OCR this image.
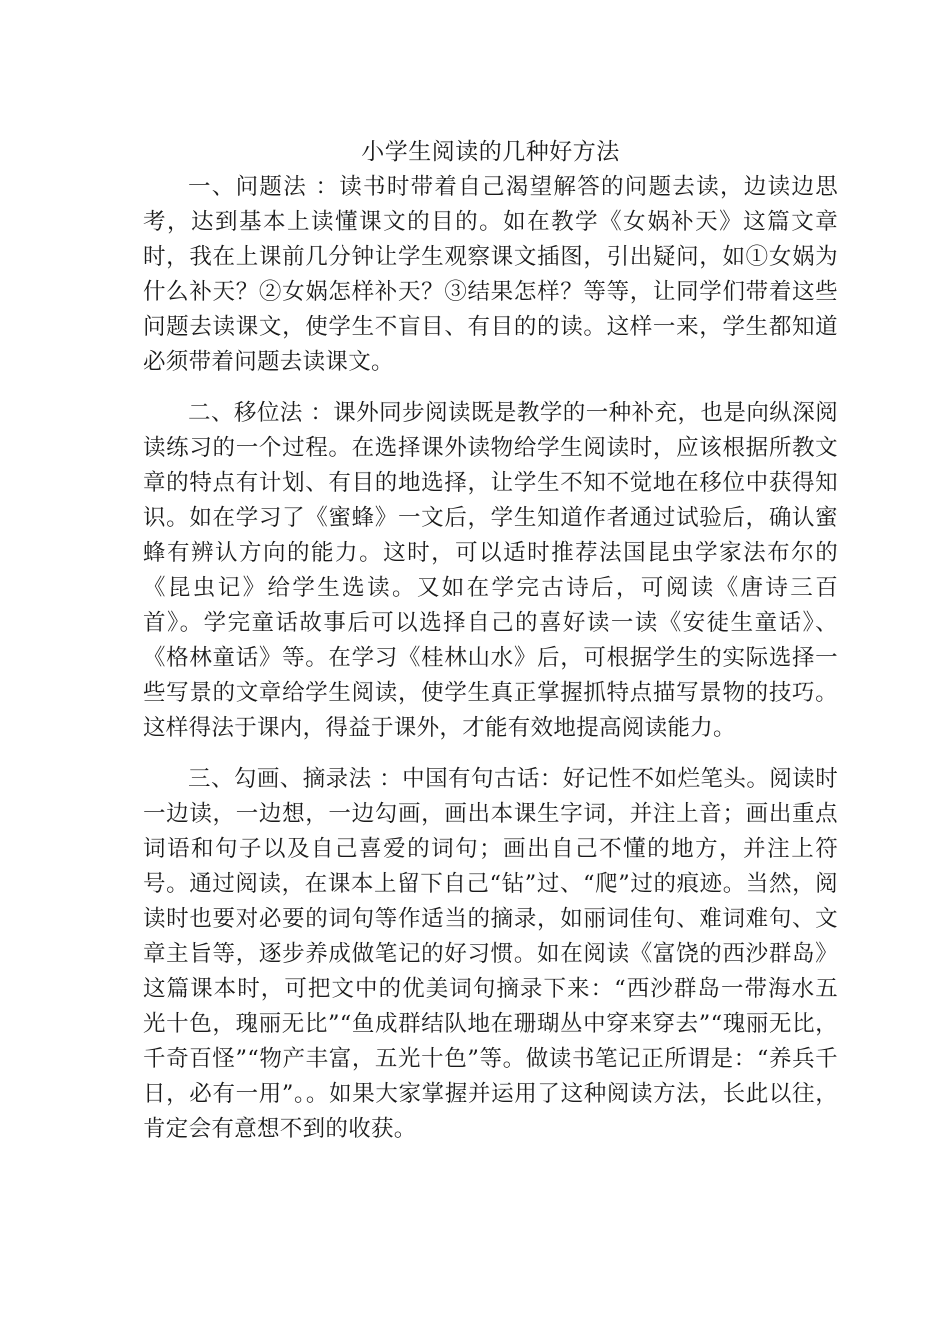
小学生阅读的几种好方法

一、问题法 ：读书时带着自己渴望解答的问题去读，边读边思考，达到基本上读懂课文的目的。如在教学《女娲补天》这篇文章时，我在上课前几分钟让学生观察课文插图，引出疑问，如①女娲为什么补天？②女娲怎样补天？③结果怎样？等等，让同学们带着这些问题去读课文，使学生不盲目、有目的的读。这样一来，学生都知道必须带着问题去读课文。

二、移位法 ：课外同步阅读既是教学的一种补充，也是向纵深阅读练习的一个过程。在选择课外读物给学生阅读时，应该根据所教文章的特点有计划、有目的地选择，让学生不知不觉地在移位中获得知识。如在学习了《蜜蜂》一文后，学生知道作者通过试验后，确认蜜蜂有辨认方向的能力。这时，可以适时推荐法国昆虫学家法布尔的《昆虫记》给学生选读。又如在学完古诗后，可阅读《唐诗三百首》。学完童话故事后可以选择自己的喜好读一读《安徒生童话》、《格林童话》等。在学习《桂林山水》后，可根据学生的实际选择一些写景的文章给学生阅读，使学生真正掌握抓特点描写景物的技巧。这样得法于课内，得益于课外，才能有效地提高阅读能力。

三、勾画、摘录法 ：中国有句古话：好记性不如烂笔头。阅读时一边读，一边想，一边勾画，画出本课生字词，并注上音；画出重点词语和句子以及自己喜爱的词句；画出自己不懂的地方，并注上符号。通过阅读，在课本上留下自己“钻”过、“爬”过的痕迹。当然，阅读时也要对必要的词句等作适当的摘录，如丽词佳句、难词难句、文章主旨等，逐步养成做笔记的好习惯。如在阅读《富饶的西沙群岛》这篇课本时，可把文中的优美词句摘录下来：“西沙群岛一带海水五光十色，瑰丽无比”“鱼成群结队地在珊瑚丛中穿来穿去”“瑰丽无比，千奇百怪”“物产丰富，五光十色”等。做读书笔记正所谓是：“养兵千日，必有一用”。。如果大家掌握并运用了这种阅读方法，长此以往，肯定会有意想不到的收获。
